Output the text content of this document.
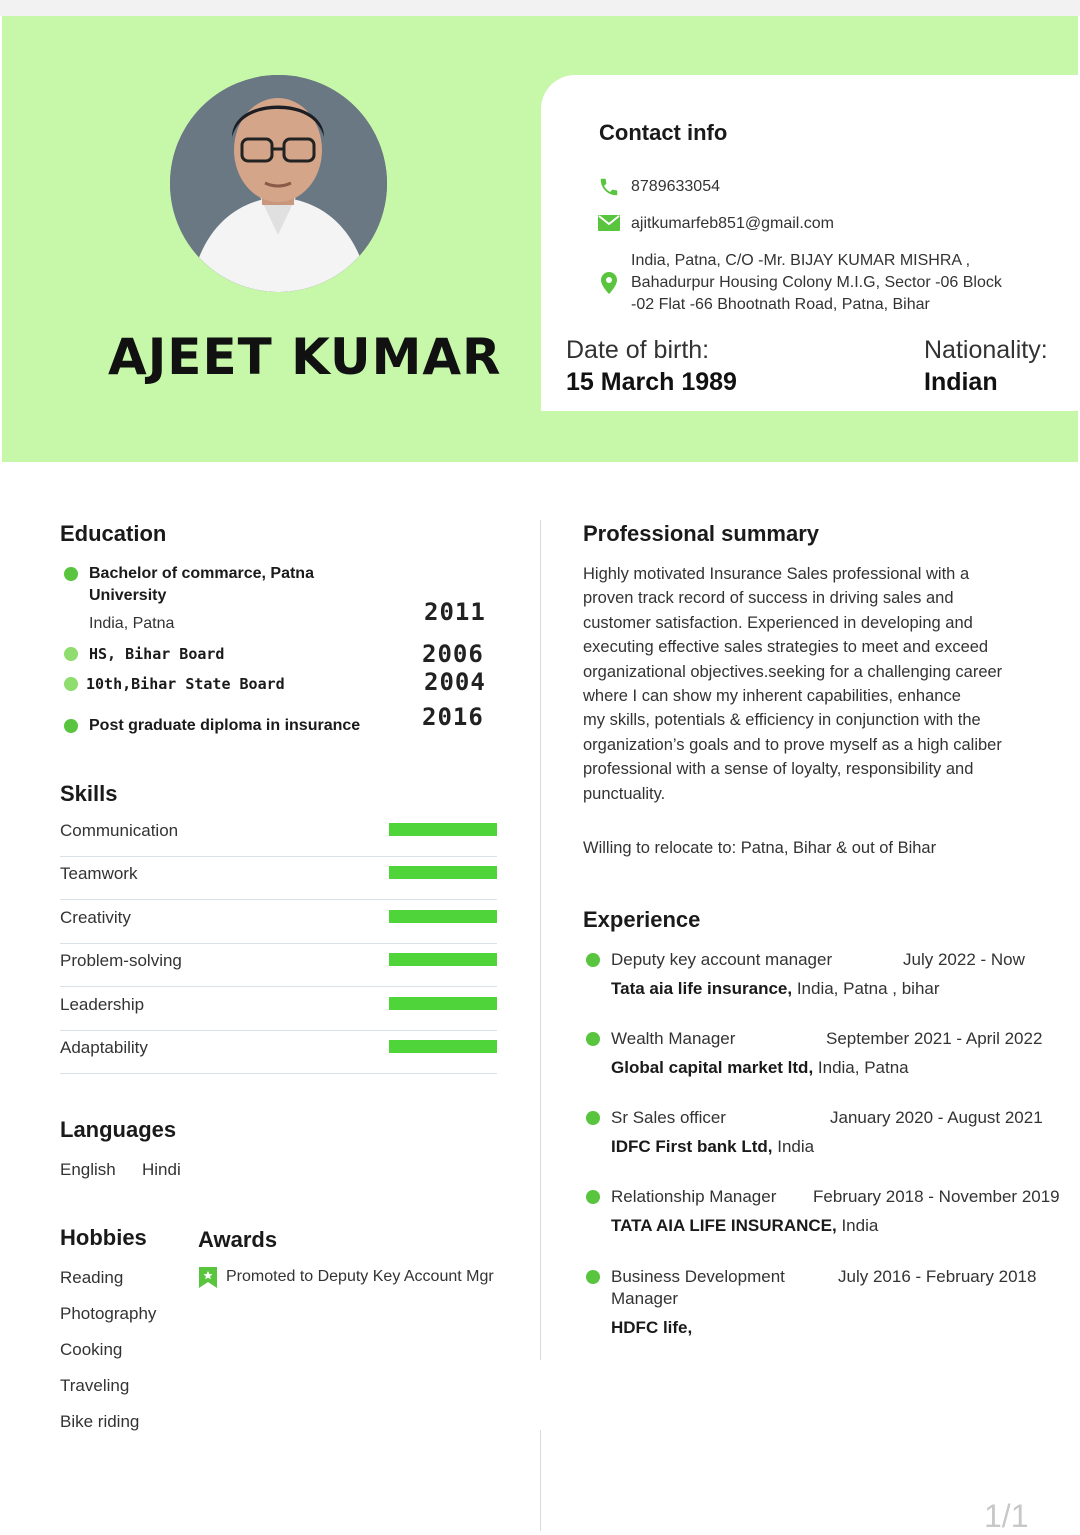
AJEET KUMAR
Contact info
8789633054
ajitkumarfeb851@gmail.com
India, Patna, C/O -Mr. BIJAY KUMAR MISHRA ,
Bahadurpur Housing Colony M.I.G, Sector -06 Block
-02 Flat -66 Bhootnath Road, Patna, Bihar
Date of birth:
15 March 1989
Nationality:
Indian
Education
Bachelor of commarce, Patna
University
India, Patna	2011
HS, Bihar Board	2006
10th,Bihar State Board	2004
Post graduate diploma in insurance	2016
Skills
Communication
Teamwork
Creativity
Problem-solving
Leadership
Adaptability
Languages
English Hindi
Hobbies
Reading
Photography
Cooking
Traveling
Bike riding
Awards
Promoted to Deputy Key Account Mgr
Professional summary
Highly motivated Insurance Sales professional with a
proven track record of success in driving sales and
customer satisfaction. Experienced in developing and
executing effective sales strategies to meet and exceed
organizational objectives.seeking for a challenging career
where I can show my inherent capabilities, enhance
my skills, potentials & efficiency in conjunction with the
organization’s goals and to prove myself as a high caliber
professional with a sense of loyalty, responsibility and
punctuality.
Willing to relocate to: Patna, Bihar & out of Bihar
Experience
Deputy key account manager	July 2022 - Now
Tata aia life insurance, India, Patna , bihar
Wealth Manager	September 2021 - April 2022
Global capital market ltd, India, Patna
Sr Sales officer	January 2020 - August 2021
IDFC First bank Ltd, India
Relationship Manager February 2018 - November 2019
TATA AIA LIFE INSURANCE, India
Business Development
Manager
July 2016 - February 2018
HDFC life,
1/1
